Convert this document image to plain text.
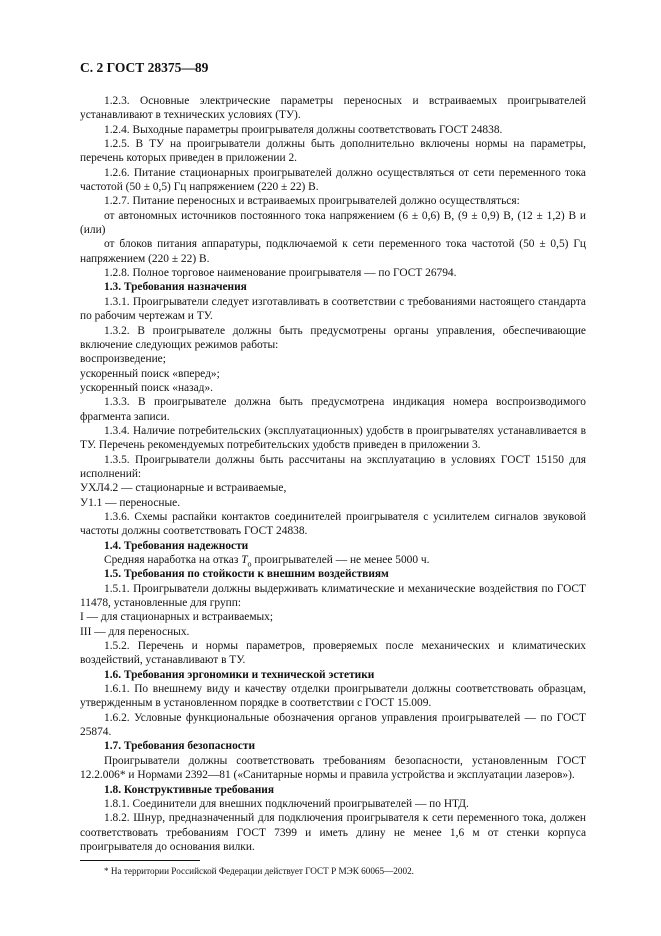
С. 2 ГОСТ 28375—89

1.2.3. Основные электрические параметры переносных и встраиваемых проигрывателей устанавливают в технических условиях (ТУ).

1.2.4. Выходные параметры проигрывателя должны соответствовать ГОСТ 24838.

1.2.5. В ТУ на проигрыватели должны быть дополнительно включены нормы на параметры, перечень которых приведен в приложении 2.

1.2.6. Питание стационарных проигрывателей должно осуществляться от сети переменного тока частотой (50 ± 0,5) Гц напряжением (220 ± 22) В.

1.2.7. Питание переносных и встраиваемых проигрывателей должно осуществляться:

от автономных источников постоянного тока напряжением (6 ± 0,6) В, (9 ± 0,9) В, (12 ± 1,2) В и (или)

от блоков питания аппаратуры, подключаемой к сети переменного тока частотой (50 ± 0,5) Гц напряжением (220 ± 22) В.

1.2.8. Полное торговое наименование проигрывателя — по ГОСТ 26794.

1.3. Требования назначения

1.3.1. Проигрыватели следует изготавливать в соответствии с требованиями настоящего стандарта по рабочим чертежам и ТУ.

1.3.2. В проигрывателе должны быть предусмотрены органы управления, обеспечивающие включение следующих режимов работы:

воспроизведение;

ускоренный поиск «вперед»;

ускоренный поиск «назад».

1.3.3. В проигрывателе должна быть предусмотрена индикация номера воспроизводимого фрагмента записи.

1.3.4. Наличие потребительских (эксплуатационных) удобств в проигрывателях устанавливается в ТУ. Перечень рекомендуемых потребительских удобств приведен в приложении 3.

1.3.5. Проигрыватели должны быть рассчитаны на эксплуатацию в условиях ГОСТ 15150 для исполнений:

УХЛ4.2 — стационарные и встраиваемые,

У1.1 — переносные.

1.3.6. Схемы распайки контактов соединителей проигрывателя с усилителем сигналов звуковой частоты должны соответствовать ГОСТ 24838.

1.4. Требования надежности

Средняя наработка на отказ $T_о$ проигрывателей — не менее 5000 ч.

1.5. Требования по стойкости к внешним воздействиям

1.5.1. Проигрыватели должны выдерживать климатические и механические воздействия по ГОСТ 11478, установленные для групп:

I — для стационарных и встраиваемых;

III — для переносных.

1.5.2. Перечень и нормы параметров, проверяемых после механических и климатических воздействий, устанавливают в ТУ.

1.6. Требования эргономики и технической эстетики

1.6.1. По внешнему виду и качеству отделки проигрыватели должны соответствовать образцам, утвержденным в установленном порядке в соответствии с ГОСТ 15.009.

1.6.2. Условные функциональные обозначения органов управления проигрывателей — по ГОСТ 25874.

1.7. Требования безопасности

Проигрыватели должны соответствовать требованиям безопасности, установленным ГОСТ 12.2.006* и Нормами 2392—81 («Санитарные нормы и правила устройства и эксплуатации лазеров»).

1.8. Конструктивные требования

1.8.1. Соединители для внешних подключений проигрывателей — по НТД.

1.8.2. Шнур, предназначенный для подключения проигрывателя к сети переменного тока, должен соответствовать требованиям ГОСТ 7399 и иметь длину не менее 1,6 м от стенки корпуса проигрывателя до основания вилки.

* На территории Российской Федерации действует ГОСТ Р МЭК 60065—2002.
